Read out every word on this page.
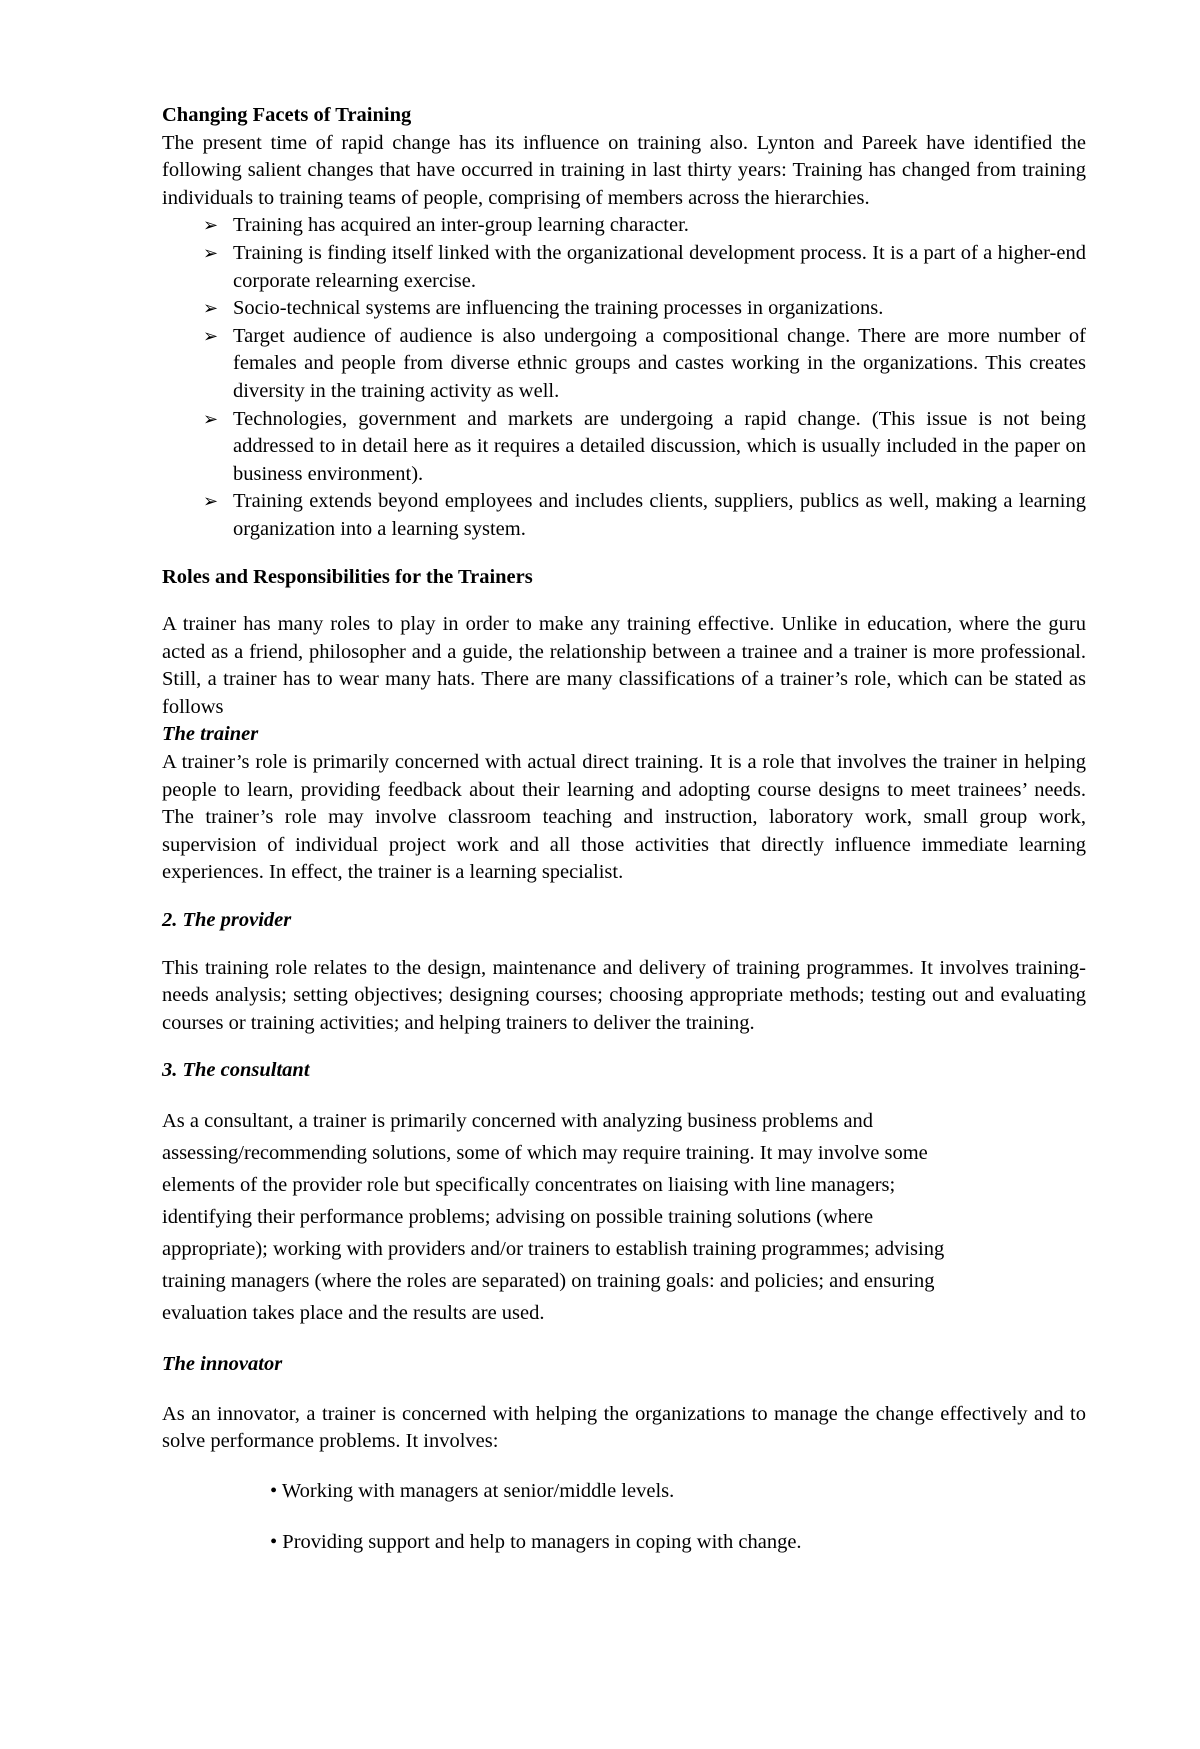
Changing Facets of Training

The present time of rapid change has its influence on training also. Lynton and Pareek have identified the following salient changes that have occurred in training in last thirty years: Training has changed from training individuals to training teams of people, comprising of members across the hierarchies.

➢ Training has acquired an inter-group learning character.
➢ Training is finding itself linked with the organizational development process. It is a part of a higher-end corporate relearning exercise.
➢ Socio-technical systems are influencing the training processes in organizations.
➢ Target audience of audience is also undergoing a compositional change. There are more number of females and people from diverse ethnic groups and castes working in the organizations. This creates diversity in the training activity as well.
➢ Technologies, government and markets are undergoing a rapid change. (This issue is not being addressed to in detail here as it requires a detailed discussion, which is usually included in the paper on business environment).
➢ Training extends beyond employees and includes clients, suppliers, publics as well, making a learning organization into a learning system.
Roles and Responsibilities for the Trainers

A trainer has many roles to play in order to make any training effective. Unlike in education, where the guru acted as a friend, philosopher and a guide, the relationship between a trainee and a trainer is more professional. Still, a trainer has to wear many hats. There are many classifications of a trainer’s role, which can be stated as follows

The trainer

A trainer’s role is primarily concerned with actual direct training. It is a role that involves the trainer in helping people to learn, providing feedback about their learning and adopting course designs to meet trainees’ needs. The trainer’s role may involve classroom teaching and instruction, laboratory work, small group work, supervision of individual project work and all those activities that directly influence immediate learning experiences. In effect, the trainer is a learning specialist.

2. The provider

This training role relates to the design, maintenance and delivery of training programmes. It involves training-needs analysis; setting objectives; designing courses; choosing appropriate methods; testing out and evaluating courses or training activities; and helping trainers to deliver the training.

3. The consultant

As a consultant, a trainer is primarily concerned with analyzing business problems and

assessing/recommending solutions, some of which may require training. It may involve some

elements of the provider role but specifically concentrates on liaising with line managers;

identifying their performance problems; advising on possible training solutions (where

appropriate); working with providers and/or trainers to establish training programmes; advising

training managers (where the roles are separated) on training goals: and policies; and ensuring

evaluation takes place and the results are used.

The innovator

As an innovator, a trainer is concerned with helping the organizations to manage the change effectively and to solve performance problems. It involves:

• Working with managers at senior/middle levels.
• Providing support and help to managers in coping with change.
